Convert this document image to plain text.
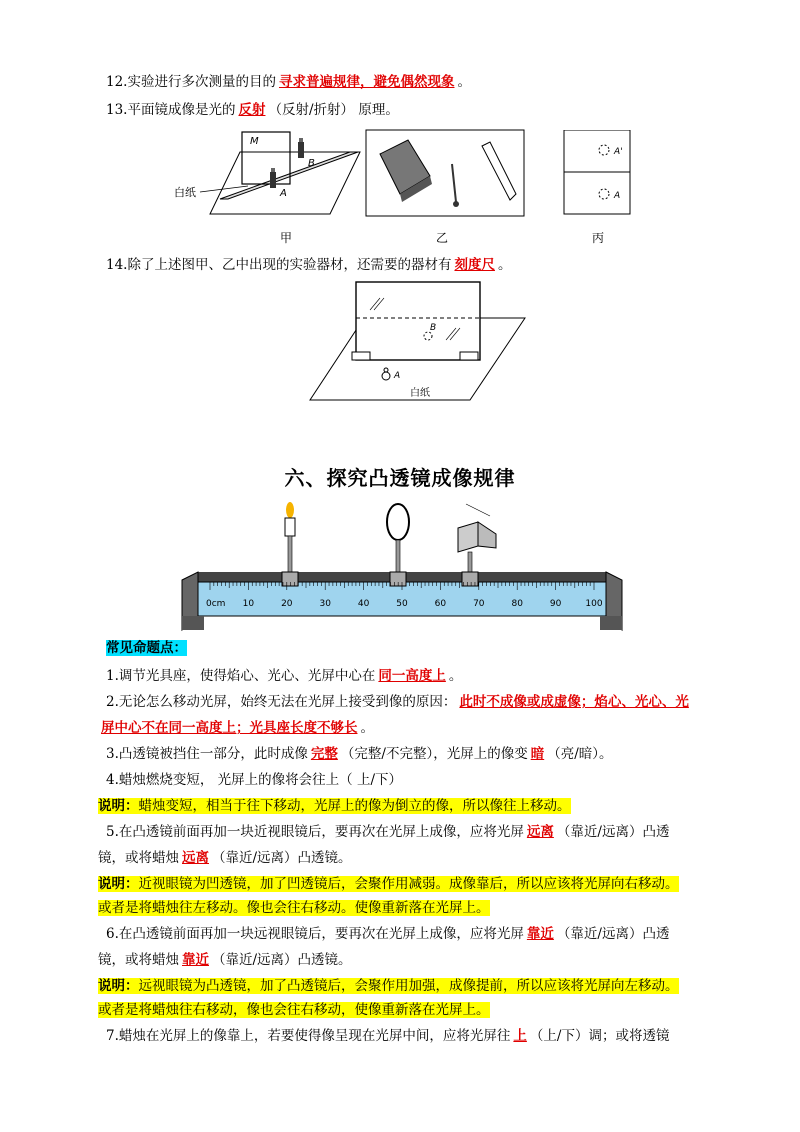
12.实验进行多次测量的目的 寻求普遍规律，避免偶然现象 。
13.平面镜成像是光的 反射 （反射/折射） 原理。
M
B
A
白纸
甲	乙
A'
A
丙
14.除了上述图甲、乙中出现的实验器材，还需要的器材有 刻度尺 。
B
A
白纸
六、探究凸透镜成像规律
0cm 10	20	30	40	50	60	70	80	90	100
常见命题点：
1.调节光具座，使得焰心、光心、光屏中心在 同一高度上 。
2.无论怎么移动光屏，始终无法在光屏上接受到像的原因： 此时不成像或成虚像；焰心、光心、光
屏中心不在同一高度上；光具座长度不够长 。
3.凸透镜被挡住一部分，此时成像 完整 （完整/不完整），光屏上的像变 暗 （亮/暗）。
4.蜡烛燃烧变短， 光屏上的像将会往上（ 上/下）
说明：蜡烛变短，相当于往下移动，光屏上的像为倒立的像，所以像往上移动。
5.在凸透镜前面再加一块近视眼镜后，要再次在光屏上成像，应将光屏 远离 （靠近/远离）凸透
镜，或将蜡烛 远离 （靠近/远离）凸透镜。
说明：近视眼镜为凹透镜，加了凹透镜后，会聚作用减弱。成像靠后，所以应该将光屏向右移动。
或者是将蜡烛往左移动。像也会往右移动。使像重新落在光屏上。
6.在凸透镜前面再加一块远视眼镜后，要再次在光屏上成像，应将光屏 靠近 （靠近/远离）凸透
镜，或将蜡烛 靠近 （靠近/远离）凸透镜。
说明：远视眼镜为凸透镜，加了凸透镜后，会聚作用加强，成像提前，所以应该将光屏向左移动。
或者是将蜡烛往右移动，像也会往右移动，使像重新落在光屏上。
7.蜡烛在光屏上的像靠上，若要使得像呈现在光屏中间，应将光屏往 上 （上/下）调；或将透镜
